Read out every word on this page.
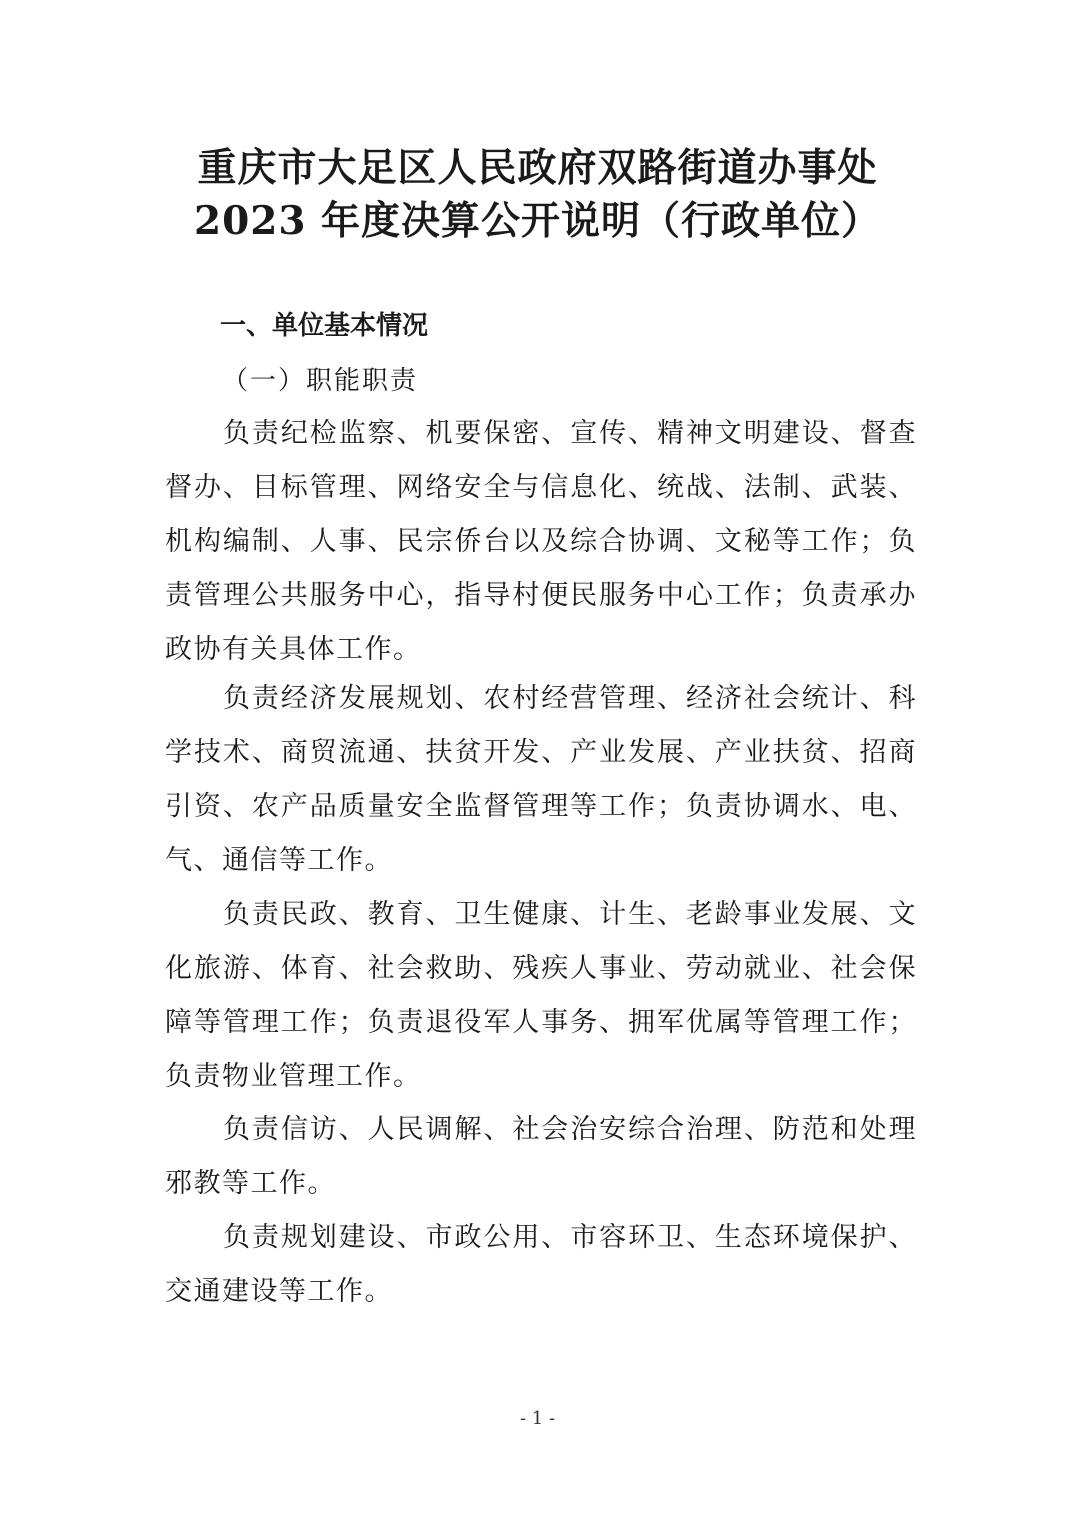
重庆市大足区人民政府双路街道办事处
2023 年度决算公开说明（行政单位）
一、单位基本情况
（一）职能职责

负责纪检监察、机要保密、宣传、精神文明建设、督查督办、目标管理、网络安全与信息化、统战、法制、武装、机构编制、人事、民宗侨台以及综合协调、文秘等工作；负责管理公共服务中心，指导村便民服务中心工作；负责承办政协有关具体工作。

负责经济发展规划、农村经营管理、经济社会统计、科学技术、商贸流通、扶贫开发、产业发展、产业扶贫、招商引资、农产品质量安全监督管理等工作；负责协调水、电、气、通信等工作。

负责民政、教育、卫生健康、计生、老龄事业发展、文化旅游、体育、社会救助、残疾人事业、劳动就业、社会保障等管理工作；负责退役军人事务、拥军优属等管理工作；负责物业管理工作。

负责信访、人民调解、社会治安综合治理、防范和处理邪教等工作。

负责规划建设、市政公用、市容环卫、生态环境保护、交通建设等工作。

- 1 -
